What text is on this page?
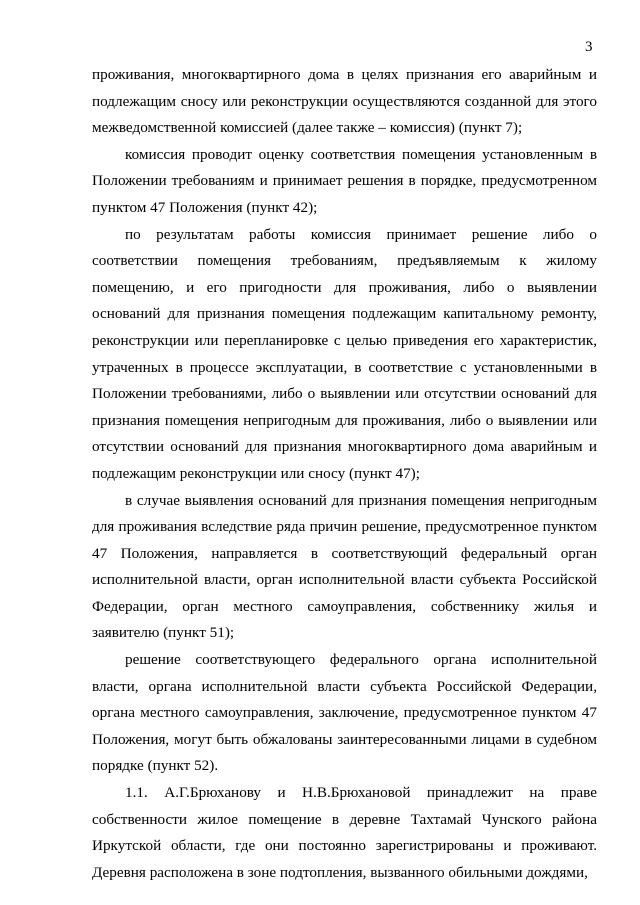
3

проживания, многоквартирного дома в целях признания его аварийным и подлежащим сносу или реконструкции осуществляются созданной для этого межведомственной комиссией (далее также – комиссия) (пункт 7);

комиссия проводит оценку соответствия помещения установленным в Положении требованиям и принимает решения в порядке, предусмотренном пунктом 47 Положения (пункт 42);

по результатам работы комиссия принимает решение либо о соответствии помещения требованиям, предъявляемым к жилому помещению, и его пригодности для проживания, либо о выявлении оснований для признания помещения подлежащим капитальному ремонту, реконструкции или перепланировке с целью приведения его характеристик, утраченных в процессе эксплуатации, в соответствие с установленными в Положении требованиями, либо о выявлении или отсутствии оснований для признания помещения непригодным для проживания, либо о выявлении или отсутствии оснований для признания многоквартирного дома аварийным и подлежащим реконструкции или сносу (пункт 47);

в случае выявления оснований для признания помещения непригодным для проживания вследствие ряда причин решение, предусмотренное пунктом 47 Положения, направляется в соответствующий федеральный орган исполнительной власти, орган исполнительной власти субъекта Российской Федерации, орган местного самоуправления, собственнику жилья и заявителю (пункт 51);

решение соответствующего федерального органа исполнительной власти, органа исполнительной власти субъекта Российской Федерации, органа местного самоуправления, заключение, предусмотренное пунктом 47 Положения, могут быть обжалованы заинтересованными лицами в судебном порядке (пункт 52).

1.1. А.Г.Брюханову и Н.В.Брюхановой принадлежит на праве собственности жилое помещение в деревне Тахтамай Чунского района Иркутской области, где они постоянно зарегистрированы и проживают. Деревня расположена в зоне подтопления, вызванного обильными дождями,
